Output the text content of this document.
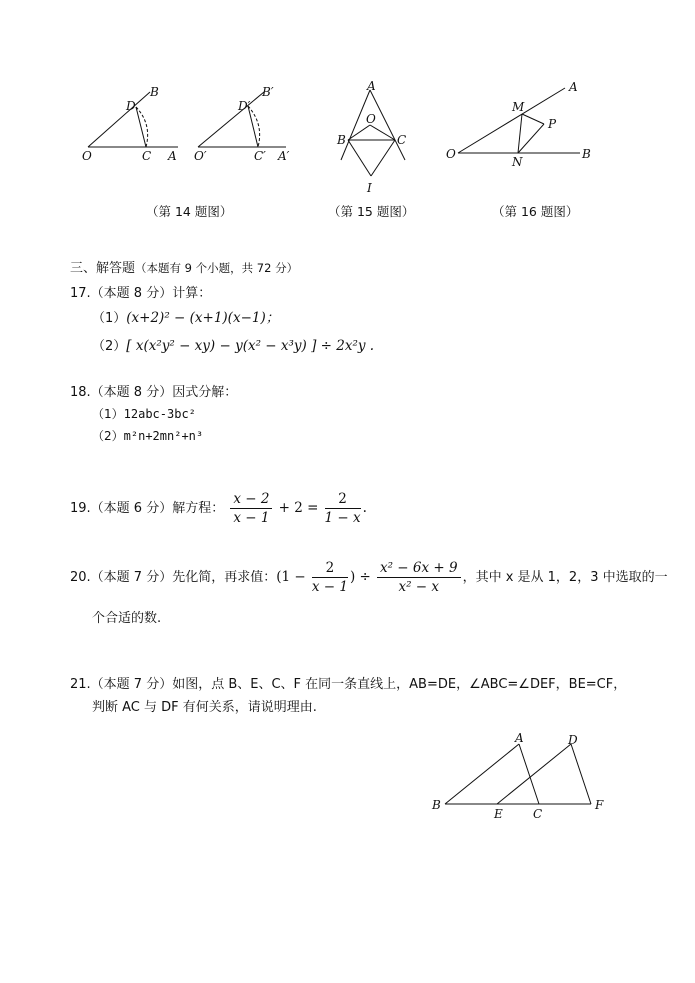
O	C A
D
B
O′	C′ A′
D′
B′
（第 14 题图）
A
O
B	C
I
（第 15 题图）
M
A
P
O
N
B
（第 16 题图）
三、解答题（本题有 9 个小题，共 72 分）
17.（本题 8 分）计算：
（1）(x+2)² − (x+1)(x−1)；
（2）[ x(x²y² − xy) − y(x² − x³y) ] ÷ 2x²y .
18.（本题 8 分）因式分解：
（1）12abc-3bc²
（2）m²n+2mn²+n³
19.（本题 6 分）解方程： $\frac{x - 2}{x - 1} + 2 = \frac{2}{1 - x}$ .
20.（本题 7 分）先化简，再求值：($1 - \frac{2}{x - 1}$ ) ÷ $\frac{\text{x² − 6x + 9}}{\text{x² − x}}$ ，其中 x 是从 1，2，3 中选取的一
个合适的数.
21.（本题 7 分）如图，点 B、E、C、F 在同一条直线上，AB=DE，∠ABC=∠DEF，BE=CF，
判断 AC 与 DF 有何关系，请说明理由.
A	D
B
E	C
F
